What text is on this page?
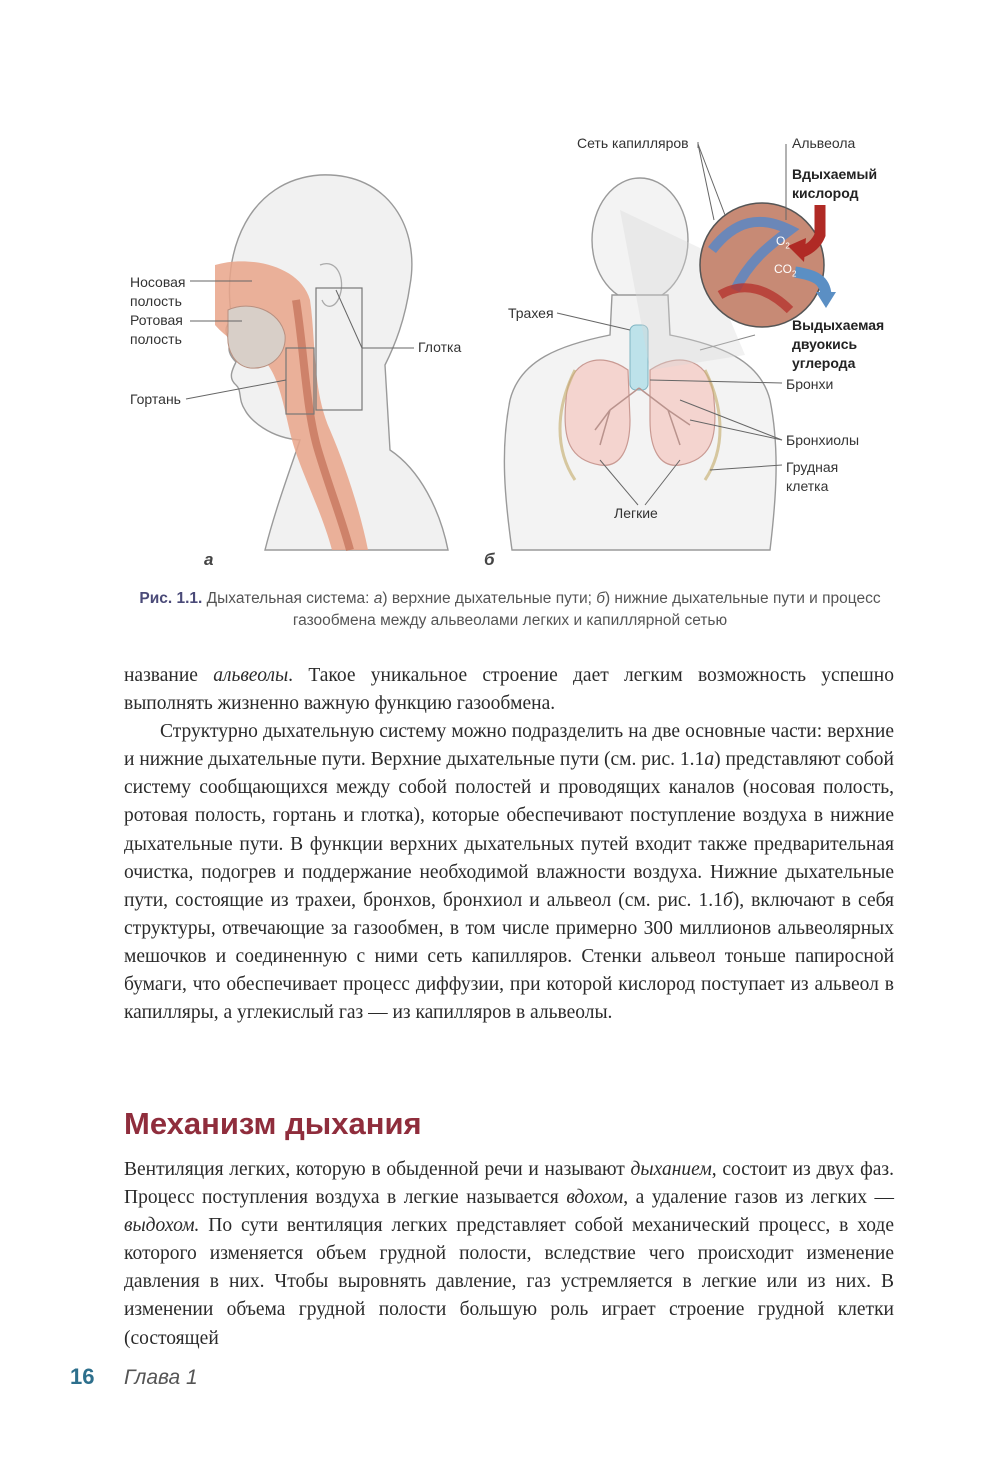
Носовая
полость
Ротовая
полость
Гортань
Глотка
а
Сеть капилляров	Альвеола
Вдыхаемый
кислород
$O_2$
$CO_2$
Выдыхаемая
двуокись
углерода
Трахея
Бронхи
Бронхиолы
Грудная
клетка
Легкие
б
Рис. 1.1. Дыхательная система: а) верхние дыхательные пути; б) нижние дыхательные пути и процесс газообмена между альвеолами легких и капиллярной сетью

название альвеолы. Такое уникальное строение дает легким возможность успешно выполнять жизненно важную функцию газообмена.

Структурно дыхательную систему можно подразделить на две основные части: верхние и нижние дыхательные пути. Верхние дыхательные пути (см. рис. 1.1а) представляют собой систему сообщающихся между собой полостей и проводящих каналов (носовая полость, ротовая полость, гортань и глотка), которые обеспечивают поступление воздуха в нижние дыхательные пути. В функции верхних дыхательных путей входит также предварительная очистка, подогрев и поддержание необходимой влажности воздуха. Нижние дыхательные пути, состоящие из трахеи, бронхов, бронхиол и альвеол (см. рис. 1.1б), включают в себя структуры, отвечающие за газообмен, в том числе примерно 300 миллионов альвеолярных мешочков и соединенную с ними сеть капилляров. Стенки альвеол тоньше папиросной бумаги, что обеспечивает процесс диффузии, при которой кислород поступает из альвеол в капилляры, а углекислый газ — из капилляров в альвеолы.

Механизм дыхания

Вентиляция легких, которую в обыденной речи и называют дыханием, состоит из двух фаз. Процесс поступления воздуха в легкие называется вдохом, а удаление газов из легких — выдохом. По сути вентиляция легких представляет собой механический процесс, в ходе которого изменяется объем грудной полости, вследствие чего происходит изменение давления в них. Чтобы выровнять давление, газ устремляется в легкие или из них. В изменении объема грудной полости большую роль играет строение грудной клетки (состоящей

16 Глава 1
